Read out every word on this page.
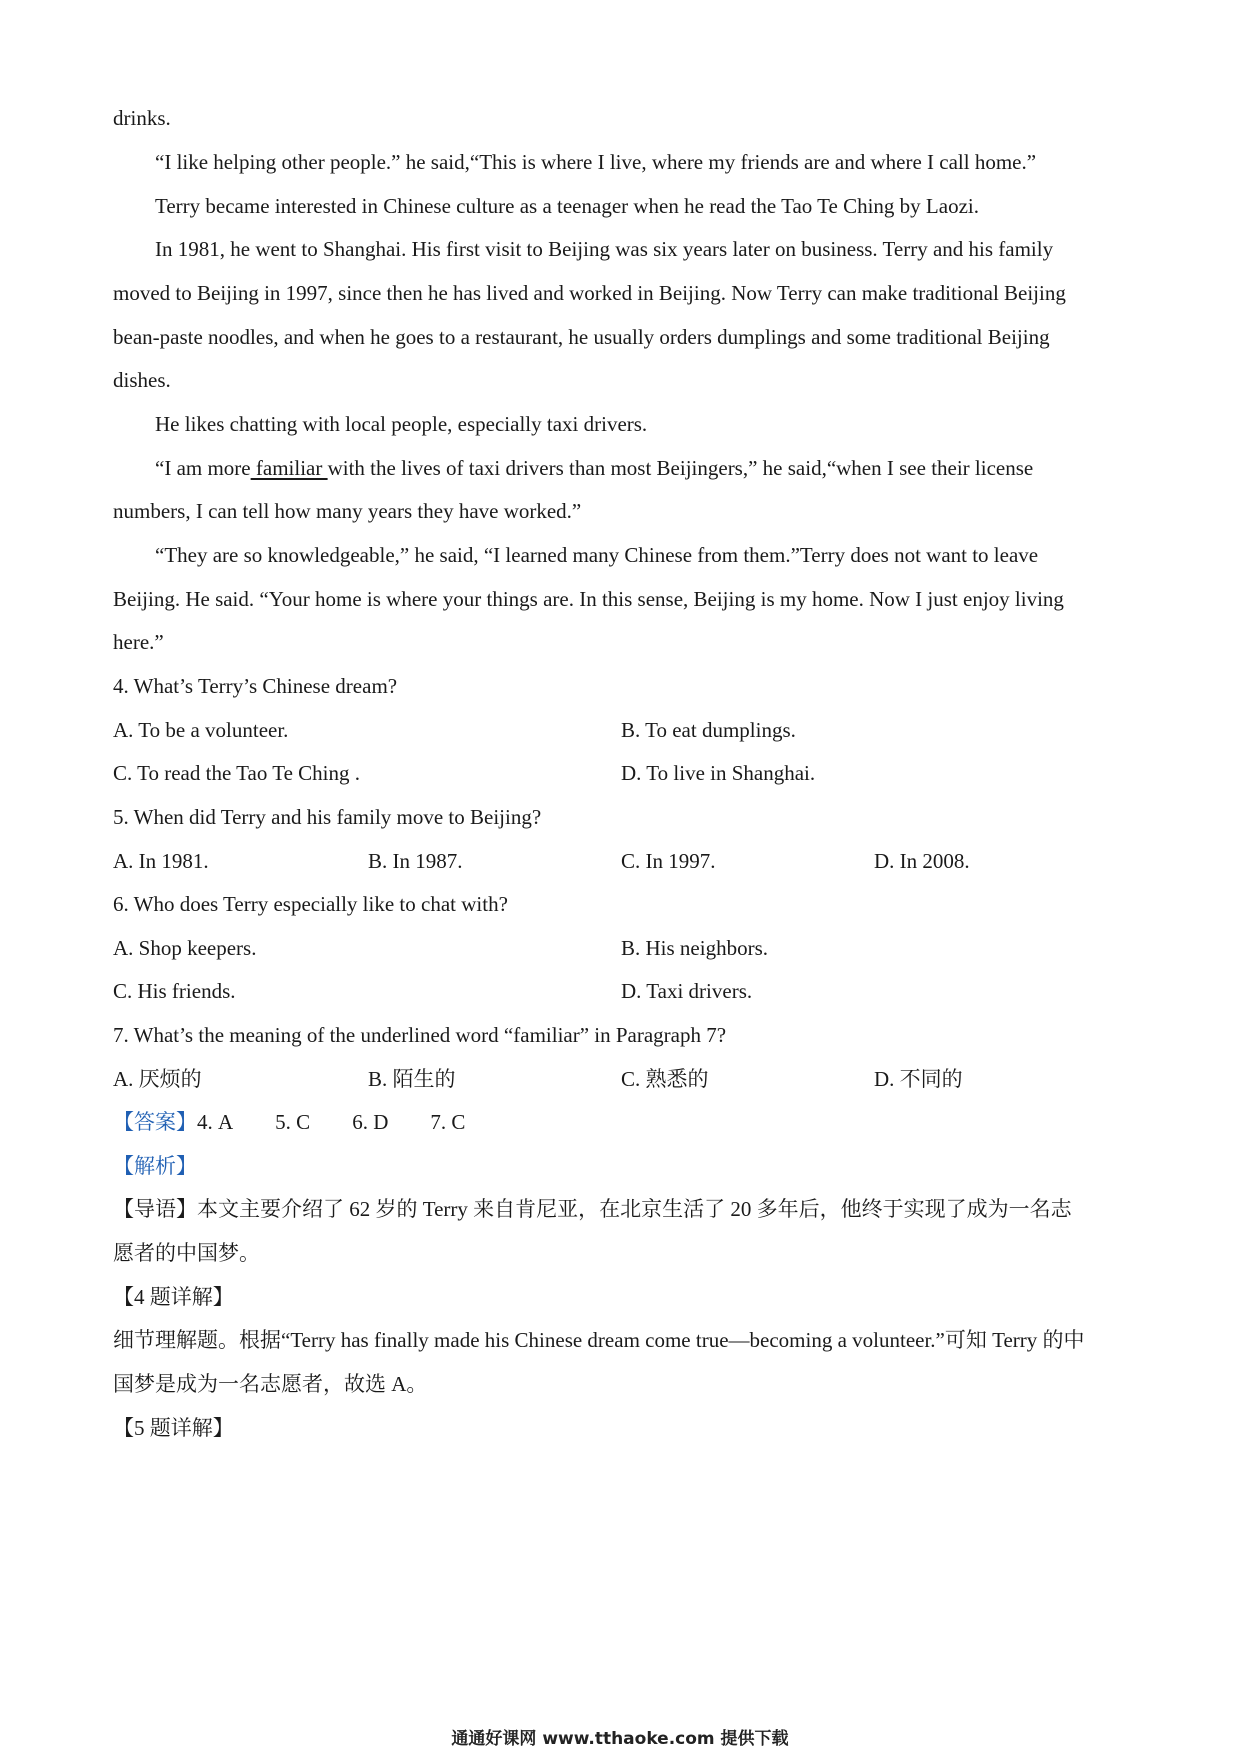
drinks.
“I like helping other people.” he said,“This is where I live, where my friends are and where I call home.”
Terry became interested in Chinese culture as a teenager when he read the Tao Te Ching by Laozi.
In 1981, he went to Shanghai. His first visit to Beijing was six years later on business. Terry and his family
moved to Beijing in 1997, since then he has lived and worked in Beijing. Now Terry can make traditional Beijing
bean-paste noodles, and when he goes to a restaurant, he usually orders dumplings and some traditional Beijing
dishes.
He likes chatting with local people, especially taxi drivers.
“I am more familiar with the lives of taxi drivers than most Beijingers,” he said,“when I see their license
numbers, I can tell how many years they have worked.”
“They are so knowledgeable,” he said, “I learned many Chinese from them.”Terry does not want to leave
Beijing. He said. “Your home is where your things are. In this sense, Beijing is my home. Now I just enjoy living
here.”
4. What’s Terry’s Chinese dream?
A. To be a volunteer.	B. To eat dumplings.
C. To read the Tao Te Ching .	D. To live in Shanghai.
5. When did Terry and his family move to Beijing?
A. In 1981.	B. In 1987.	C. In 1997.	D. In 2008.
6. Who does Terry especially like to chat with?
A. Shop keepers.	B. His neighbors.
C. His friends.	D. Taxi drivers.
7. What’s the meaning of the underlined word “familiar” in Paragraph 7?
A. 厌烦的	B. 陌生的	C. 熟悉的	D. 不同的
【答案】4. A 5. C 6. D 7. C
【解析】
【导语】本文主要介绍了 62 岁的 Terry 来自肯尼亚，在北京生活了 20 多年后，他终于实现了成为一名志
愿者的中国梦。
【4 题详解】
细节理解题。根据“Terry has finally made his Chinese dream come true—becoming a volunteer.”可知 Terry 的中
国梦是成为一名志愿者，故选 A。
【5 题详解】
通通好课网 www.tthaoke.com 提供下载
